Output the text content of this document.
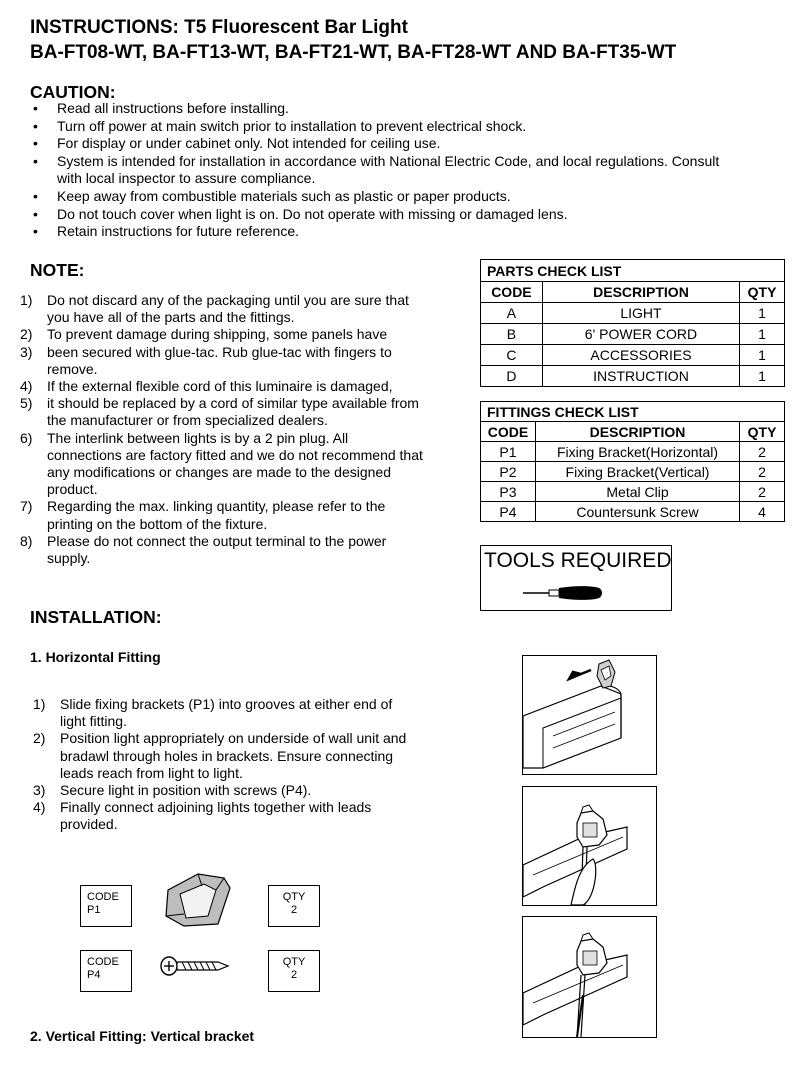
INSTRUCTIONS: T5 Fluorescent Bar Light
BA-FT08-WT, BA-FT13-WT, BA-FT21-WT, BA-FT28-WT AND BA-FT35-WT
CAUTION:
• Read all instructions before installing.
• Turn off power at main switch prior to installation to prevent electrical shock.
• For display or under cabinet only. Not intended for ceiling use.
• System is intended for installation in accordance with National Electric Code, and local regulations. Consult with local inspector to assure compliance.
• Keep away from combustible materials such as plastic or paper products.
• Do not touch cover when light is on. Do not operate with missing or damaged lens.
• Retain instructions for future reference.
NOTE:
1)	Do not discard any of the packaging until you are sure that you have all of the parts and the fittings.
2)	To prevent damage during shipping, some panels have
3)	been secured with glue-tac. Rub glue-tac with fingers to remove.
4)	If the external flexible cord of this luminaire is damaged,
5)	it should be replaced by a cord of similar type available from the manufacturer or from specialized dealers.
6)	The interlink between lights is by a 2 pin plug. All connections are factory fitted and we do not recommend that any modifications or changes are made to the designed product.
7)	Regarding the max. linking quantity, please refer to the printing on the bottom of the fixture.
8)	Please do not connect the output terminal to the power supply.
PARTS CHECK LIST		
CODE	DESCRIPTION	QTY
A	LIGHT	1
B	6' POWER CORD	1
C	ACCESSORIES	1
D	INSTRUCTION	1
FITTINGS CHECK LIST		
CODE	DESCRIPTION	QTY
P1	Fixing Bracket(Horizontal)	2
P2	Fixing Bracket(Vertical)	2
P3	Metal Clip	2
P4	Countersunk Screw	4
TOOLS REQUIRED
INSTALLATION:
1. Horizontal Fitting
1)	Slide fixing brackets (P1) into grooves at either end of light fitting.
2)	Position light appropriately on underside of wall unit and bradawl through holes in brackets. Ensure connecting leads reach from light to light.
3)	Secure light in position with screws (P4).
4)	Finally connect adjoining lights together with leads provided.
CODE
P1
QTY
2
CODE
P4
QTY
2
2. Vertical Fitting: Vertical bracket
